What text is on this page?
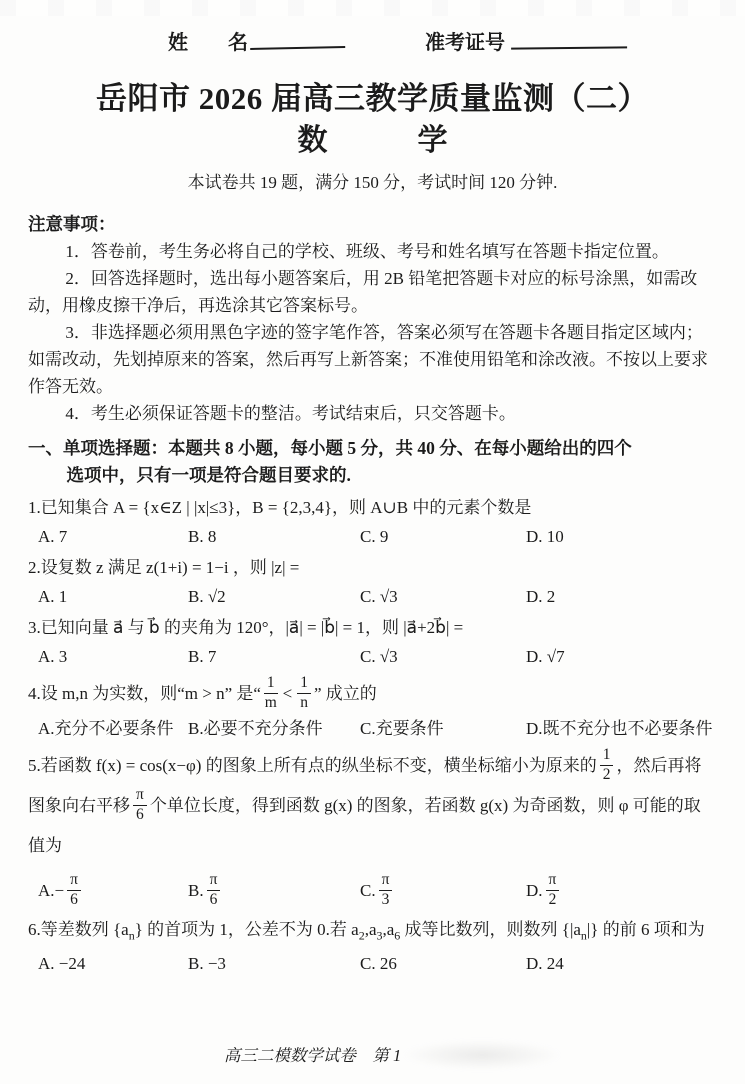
姓　　名	准考证号
岳阳市 2026 届高三教学质量监测（二）
数　　　学
本试卷共 19 题，满分 150 分，考试时间 120 分钟.
注意事项：

1．答卷前，考生务必将自己的学校、班级、考号和姓名填写在答题卡指定位置。

2．回答选择题时，选出每小题答案后，用 2B 铅笔把答题卡对应的标号涂黑，如需改动，用橡皮擦干净后，再选涂其它答案标号。

3．非选择题必须用黑色字迹的签字笔作答，答案必须写在答题卡各题目指定区域内；如需改动，先划掉原来的答案，然后再写上新答案；不准使用铅笔和涂改液。不按以上要求作答无效。

4．考生必须保证答题卡的整洁。考试结束后，只交答题卡。

一、单项选择题：本题共 8 小题，每小题 5 分，共 40 分、在每小题给出的四个
选项中，只有一项是符合题目要求的.
1.已知集合 A = {x∈Z | |x|≤3}，B = {2,3,4}，则 A∪B 中的元素个数是
A. 7	B. 8	C. 9	D. 10
2.设复数 z 满足 z(1+i) = 1−i ，则 |z| =
A. 1	B. √2	C. √3	D. 2
3.已知向量 a⃗ 与 b⃗ 的夹角为 120°，|a⃗| = |b⃗| = 1，则 |a⃗+2b⃗| =
A. 3	B. 7	C. √3	D. √7
4.设 m,n 为实数，则“m > n” 是“ $\frac{1}{m} < \frac{1}{n}$ ” 成立的
A.充分不必要条件 B.必要不充分条件	C.充要条件	D.既不充分也不必要条件
5.若函数 f(x) = cos(x−φ) 的图象上所有点的纵坐标不变，横坐标缩小为原来的 $\frac{1}{2}$ ，然后再将图象向右平移 $\frac{\pi}{6}$ 个单位长度，得到函数 g(x) 的图象，若函数 g(x) 为奇函数，则 φ 可能的取值为
$A.- \frac{\pi}{6}$	B. $\frac{\pi}{6}$	C. $\frac{\pi}{3}$	D. $\frac{\pi}{2}$
6.等差数列 $\{a_n\}$ 的首项为 1，公差不为 0.若 $a_2,a_3,a_6$ 成等比数列，则数列 $\{|a_n|\}$ 的前 6 项和为
A. −24	B. −3	C. 26	D. 24
高三二模数学试卷　第 1
